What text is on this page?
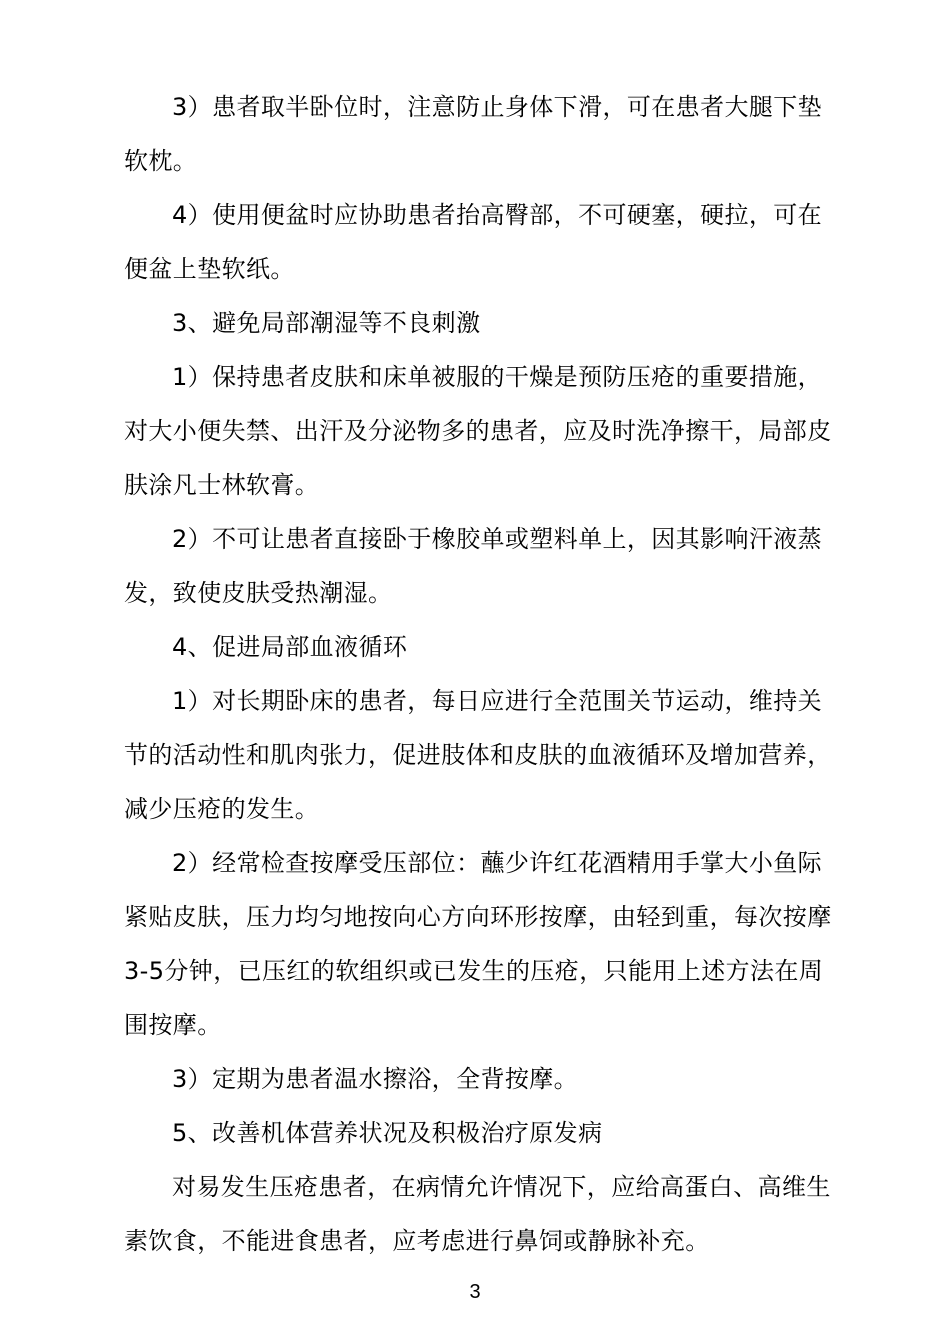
3）患者取半卧位时，注意防止身体下滑，可在患者大腿下垫软枕。

4）使用便盆时应协助患者抬高臀部，不可硬塞，硬拉，可在便盆上垫软纸。

3、避免局部潮湿等不良刺激

1）保持患者皮肤和床单被服的干燥是预防压疮的重要措施，对大小便失禁、出汗及分泌物多的患者，应及时洗净擦干，局部皮肤涂凡士林软膏。

2）不可让患者直接卧于橡胶单或塑料单上，因其影响汗液蒸发，致使皮肤受热潮湿。

4、促进局部血液循环

1）对长期卧床的患者，每日应进行全范围关节运动，维持关节的活动性和肌肉张力，促进肢体和皮肤的血液循环及增加营养，减少压疮的发生。

2）经常检查按摩受压部位：蘸少许红花酒精用手掌大小鱼际紧贴皮肤，压力均匀地按向心方向环形按摩，由轻到重，每次按摩3-5分钟，已压红的软组织或已发生的压疮，只能用上述方法在周围按摩。

3）定期为患者温水擦浴，全背按摩。

5、改善机体营养状况及积极治疗原发病

对易发生压疮患者，在病情允许情况下，应给高蛋白、高维生素饮食，不能进食患者，应考虑进行鼻饲或静脉补充。

3
